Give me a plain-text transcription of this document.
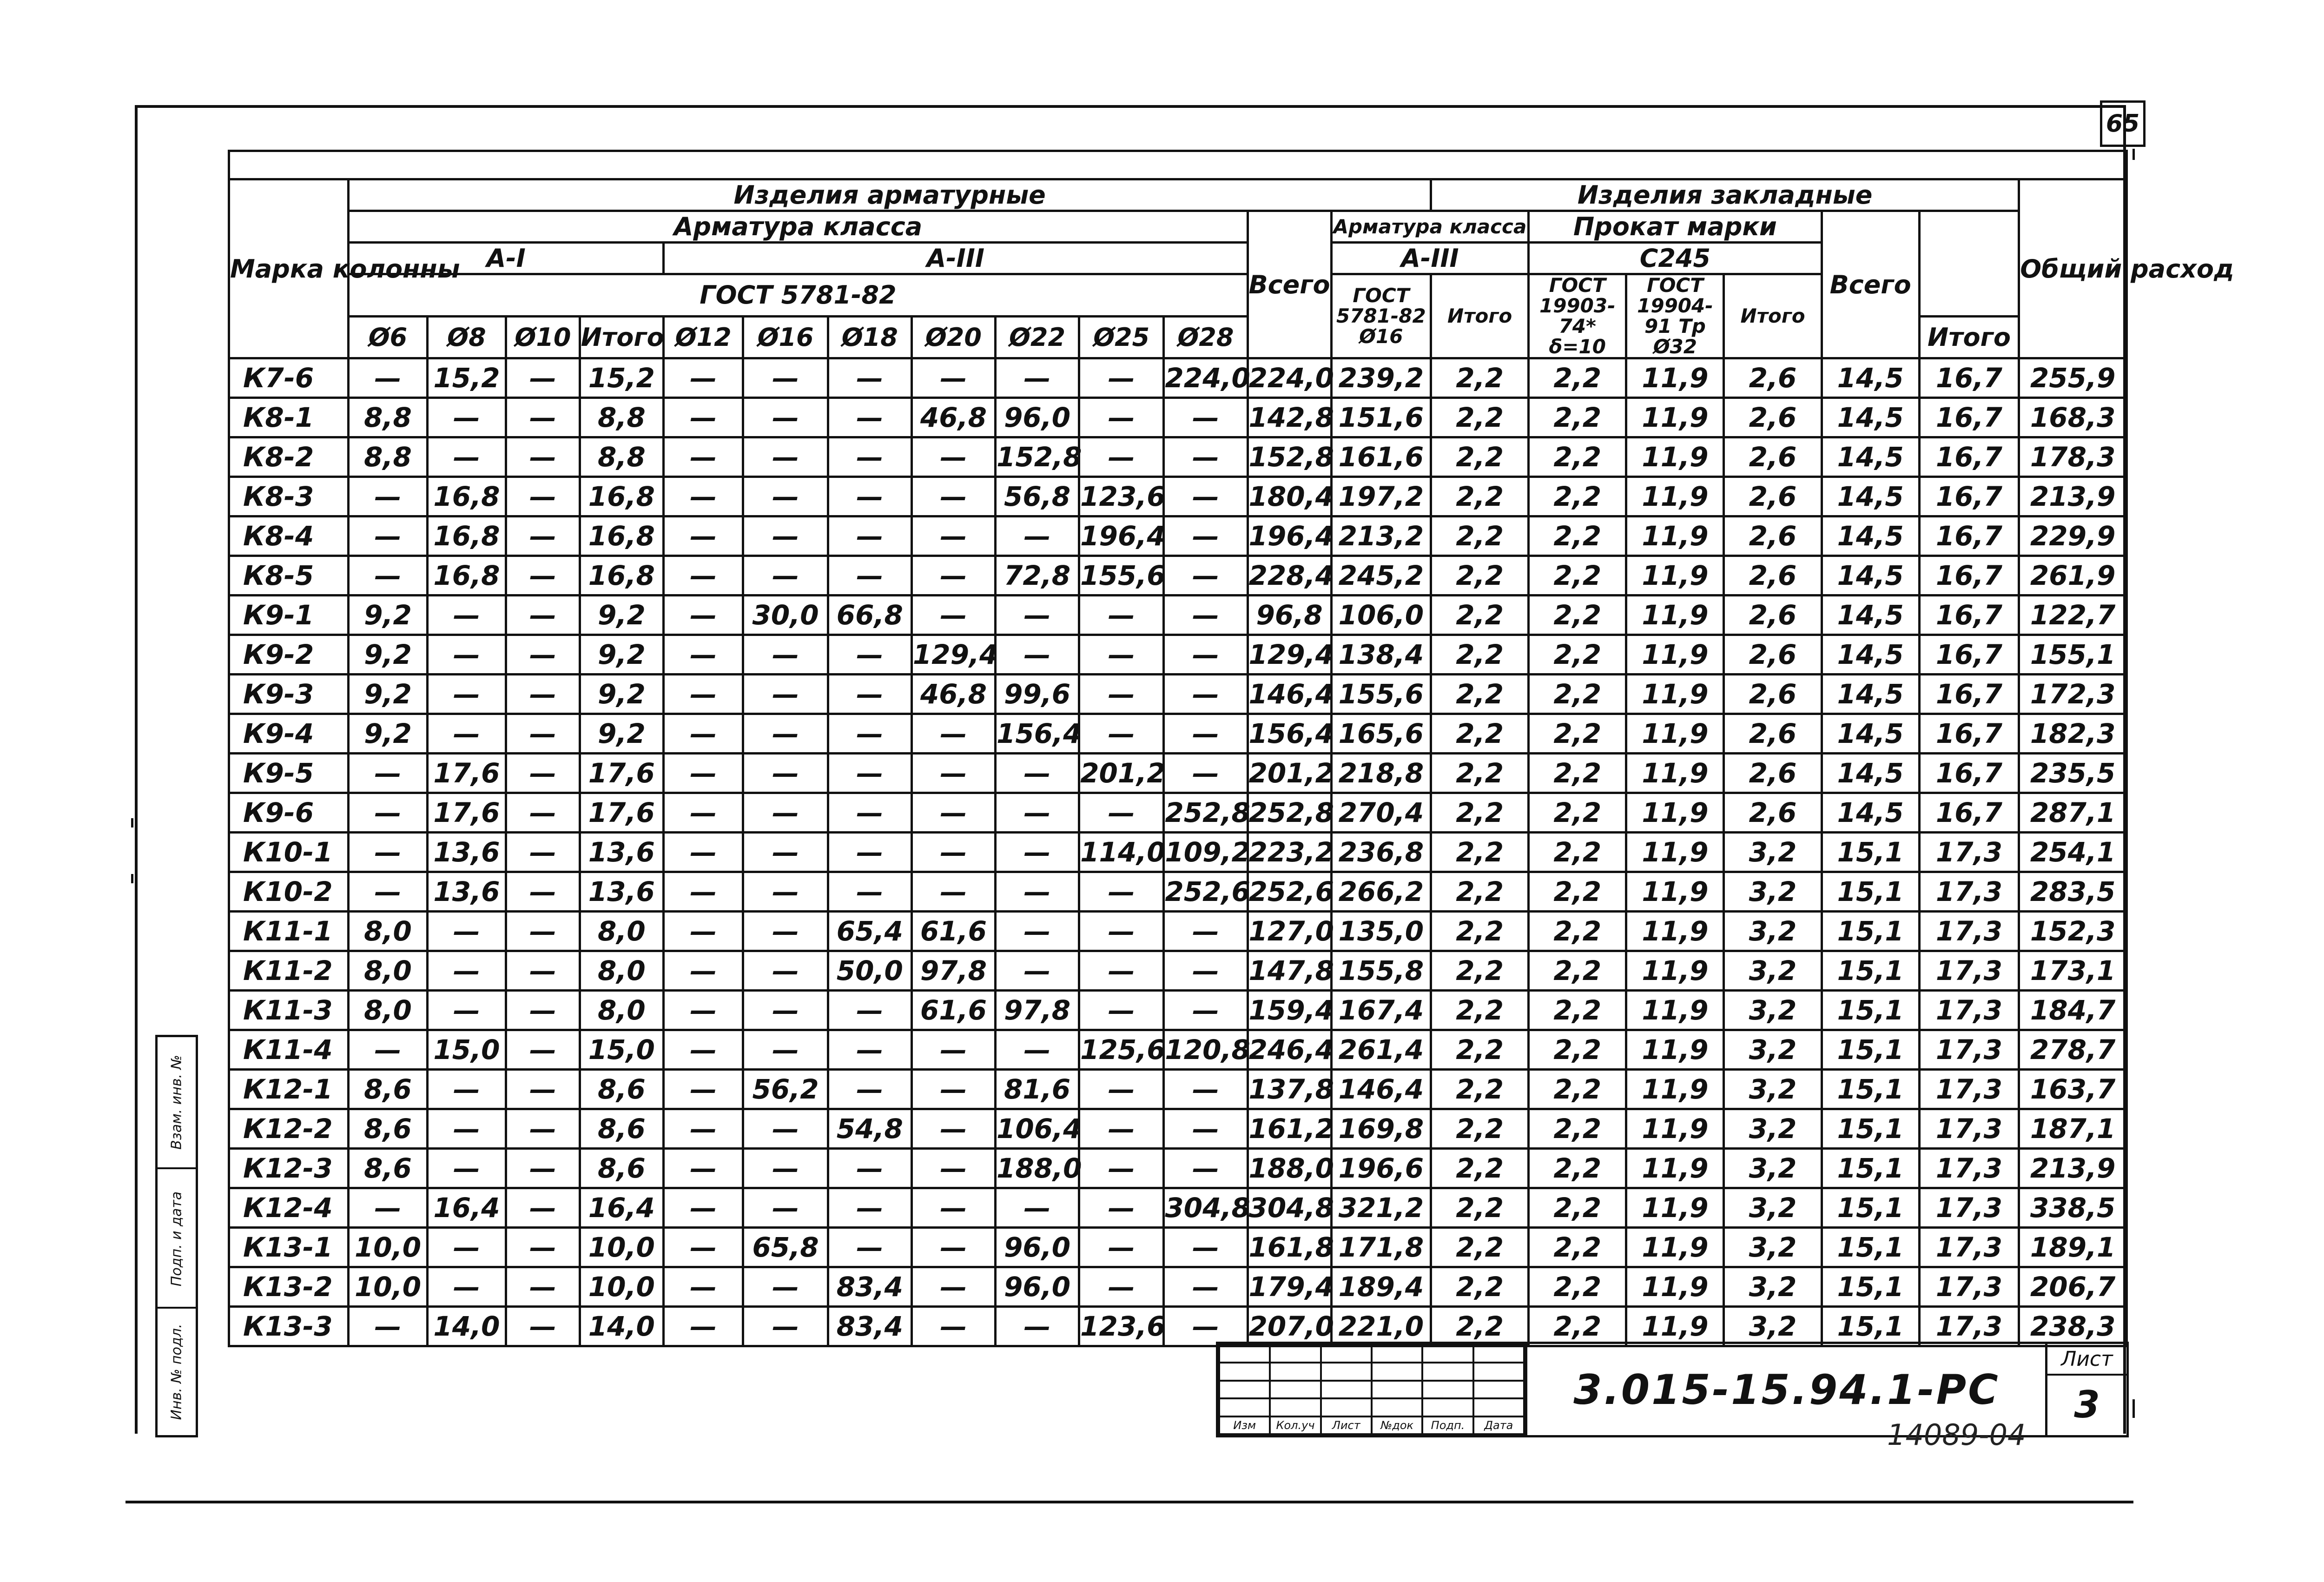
65

Марка колонны	Изделия арматурные													Изделия закладные						Общий расход
	Арматура класса											Всего	Арматура класса		Прокат марки			Всего		
	А-I				А-III								А-III		С245					
	ГОСТ 5781-82												ГОСТ 5781-82 Ø16	Итого	ГОСТ 19903-74* δ=10	ГОСТ 19904-91 Тр Ø32	Итого			
	Ø6	Ø8	Ø10	Итого	Ø12	Ø16	Ø18	Ø20	Ø22	Ø25	Ø28								Итого	
К7-6	—	15,2	—	15,2	—	—	—	—	—	—	224,0	224,0	239,2	2,2	2,2	11,9	2,6	14,5	16,7	255,9
К8-1	8,8	—	—	8,8	—	—	—	46,8	96,0	—	—	142,8	151,6	2,2	2,2	11,9	2,6	14,5	16,7	168,3
К8-2	8,8	—	—	8,8	—	—	—	—	152,8	—	—	152,8	161,6	2,2	2,2	11,9	2,6	14,5	16,7	178,3
К8-3	—	16,8	—	16,8	—	—	—	—	56,8	123,6	—	180,4	197,2	2,2	2,2	11,9	2,6	14,5	16,7	213,9
К8-4	—	16,8	—	16,8	—	—	—	—	—	196,4	—	196,4	213,2	2,2	2,2	11,9	2,6	14,5	16,7	229,9
К8-5	—	16,8	—	16,8	—	—	—	—	72,8	155,6	—	228,4	245,2	2,2	2,2	11,9	2,6	14,5	16,7	261,9
К9-1	9,2	—	—	9,2	—	30,0	66,8	—	—	—	—	96,8	106,0	2,2	2,2	11,9	2,6	14,5	16,7	122,7
К9-2	9,2	—	—	9,2	—	—	—	129,4	—	—	—	129,4	138,4	2,2	2,2	11,9	2,6	14,5	16,7	155,1
К9-3	9,2	—	—	9,2	—	—	—	46,8	99,6	—	—	146,4	155,6	2,2	2,2	11,9	2,6	14,5	16,7	172,3
К9-4	9,2	—	—	9,2	—	—	—	—	156,4	—	—	156,4	165,6	2,2	2,2	11,9	2,6	14,5	16,7	182,3
К9-5	—	17,6	—	17,6	—	—	—	—	—	201,2	—	201,2	218,8	2,2	2,2	11,9	2,6	14,5	16,7	235,5
К9-6	—	17,6	—	17,6	—	—	—	—	—	—	252,8	252,8	270,4	2,2	2,2	11,9	2,6	14,5	16,7	287,1
К10-1	—	13,6	—	13,6	—	—	—	—	—	114,0	109,2	223,2	236,8	2,2	2,2	11,9	3,2	15,1	17,3	254,1
К10-2	—	13,6	—	13,6	—	—	—	—	—	—	252,6	252,6	266,2	2,2	2,2	11,9	3,2	15,1	17,3	283,5
К11-1	8,0	—	—	8,0	—	—	65,4	61,6	—	—	—	127,0	135,0	2,2	2,2	11,9	3,2	15,1	17,3	152,3
К11-2	8,0	—	—	8,0	—	—	50,0	97,8	—	—	—	147,8	155,8	2,2	2,2	11,9	3,2	15,1	17,3	173,1
К11-3	8,0	—	—	8,0	—	—	—	61,6	97,8	—	—	159,4	167,4	2,2	2,2	11,9	3,2	15,1	17,3	184,7
К11-4	—	15,0	—	15,0	—	—	—	—	—	125,6	120,8	246,4	261,4	2,2	2,2	11,9	3,2	15,1	17,3	278,7
К12-1	8,6	—	—	8,6	—	56,2	—	—	81,6	—	—	137,8	146,4	2,2	2,2	11,9	3,2	15,1	17,3	163,7
К12-2	8,6	—	—	8,6	—	—	54,8	—	106,4	—	—	161,2	169,8	2,2	2,2	11,9	3,2	15,1	17,3	187,1
К12-3	8,6	—	—	8,6	—	—	—	—	188,0	—	—	188,0	196,6	2,2	2,2	11,9	3,2	15,1	17,3	213,9
К12-4	—	16,4	—	16,4	—	—	—	—	—	—	304,8	304,8	321,2	2,2	2,2	11,9	3,2	15,1	17,3	338,5
К13-1	10,0	—	—	10,0	—	65,8	—	—	96,0	—	—	161,8	171,8	2,2	2,2	11,9	3,2	15,1	17,3	189,1
К13-2	10,0	—	—	10,0	—	—	83,4	—	96,0	—	—	179,4	189,4	2,2	2,2	11,9	3,2	15,1	17,3	206,7
К13-3	—	14,0	—	14,0	—	—	83,4	—	—	123,6	—	207,0	221,0	2,2	2,2	11,9	3,2	15,1	17,3	238,3
Взам. инв. №
Подп. и дата
Инв. № подл.

Изм	Кол.уч	Лист	№док	Подп.	Дата
3.015-15.94.1-РС
Лист
3
14089-04
